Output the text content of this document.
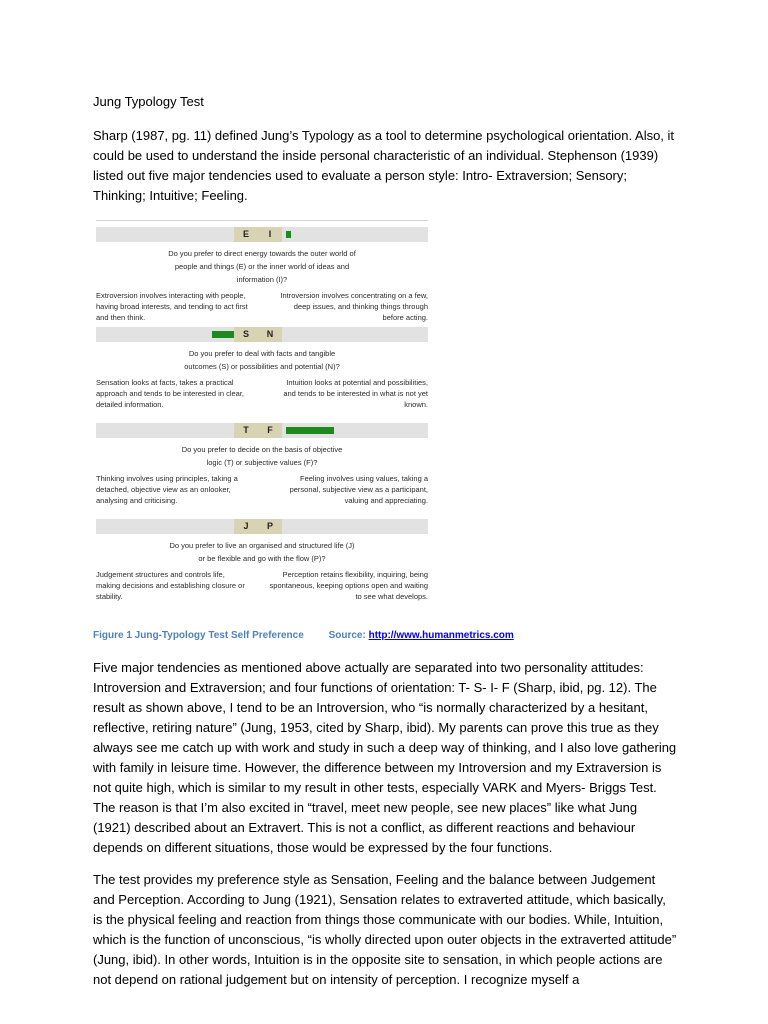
Jung Typology Test

Sharp (1987, pg. 11) defined Jung’s Typology as a tool to determine psychological orientation. Also, it could be used to understand the inside personal characteristic of an individual. Stephenson (1939) listed out five major tendencies used to evaluate a person style: Intro- Extraversion; Sensory; Thinking; Intuitive; Feeling.

E	I
Do you prefer to direct energy towards the outer world of people and things (E) or the inner world of ideas and information (I)?
Extroversion involves interacting with people, having broad interests, and tending to act first and then think.
Introversion involves concentrating on a few, deep issues, and thinking things through before acting.
S	N
Do you prefer to deal with facts and tangible outcomes (S) or possibilities and potential (N)?
Sensation looks at facts, takes a practical approach and tends to be interested in clear, detailed information.
Intuition looks at potential and possibilities, and tends to be interested in what is not yet known.
T	F
Do you prefer to decide on the basis of objective logic (T) or subjective values (F)?
Thinking involves using principles, taking a detached, objective view as an onlooker, analysing and criticising.
Feeling involves using values, taking a personal, subjective view as a participant, valuing and appreciating.
J	P
Do you prefer to live an organised and structured life (J) or be flexible and go with the flow (P)?
Judgement structures and controls life, making decisions and establishing closure or stability.
Perception retains flexibility, inquiring, being spontaneous, keeping options open and waiting to see what develops.
Figure 1 Jung-Typology Test Self Preference Source: http://www.humanmetrics.com

Five major tendencies as mentioned above actually are separated into two personality attitudes: Introversion and Extraversion; and four functions of orientation: T- S- I- F (Sharp, ibid, pg. 12). The result as shown above, I tend to be an Introversion, who “is normally characterized by a hesitant, reflective, retiring nature” (Jung, 1953, cited by Sharp, ibid). My parents can prove this true as they always see me catch up with work and study in such a deep way of thinking, and I also love gathering with family in leisure time. However, the difference between my Introversion and my Extraversion is not quite high, which is similar to my result in other tests, especially VARK and Myers- Briggs Test. The reason is that I’m also excited in “travel, meet new people, see new places” like what Jung (1921) described about an Extravert. This is not a conflict, as different reactions and behaviour depends on different situations, those would be expressed by the four functions.

The test provides my preference style as Sensation, Feeling and the balance between Judgement and Perception. According to Jung (1921), Sensation relates to extraverted attitude, which basically, is the physical feeling and reaction from things those communicate with our bodies. While, Intuition, which is the function of unconscious, “is wholly directed upon outer objects in the extraverted attitude” (Jung, ibid). In other words, Intuition is in the opposite site to sensation, in which people actions are not depend on rational judgement but on intensity of perception. I recognize myself a
